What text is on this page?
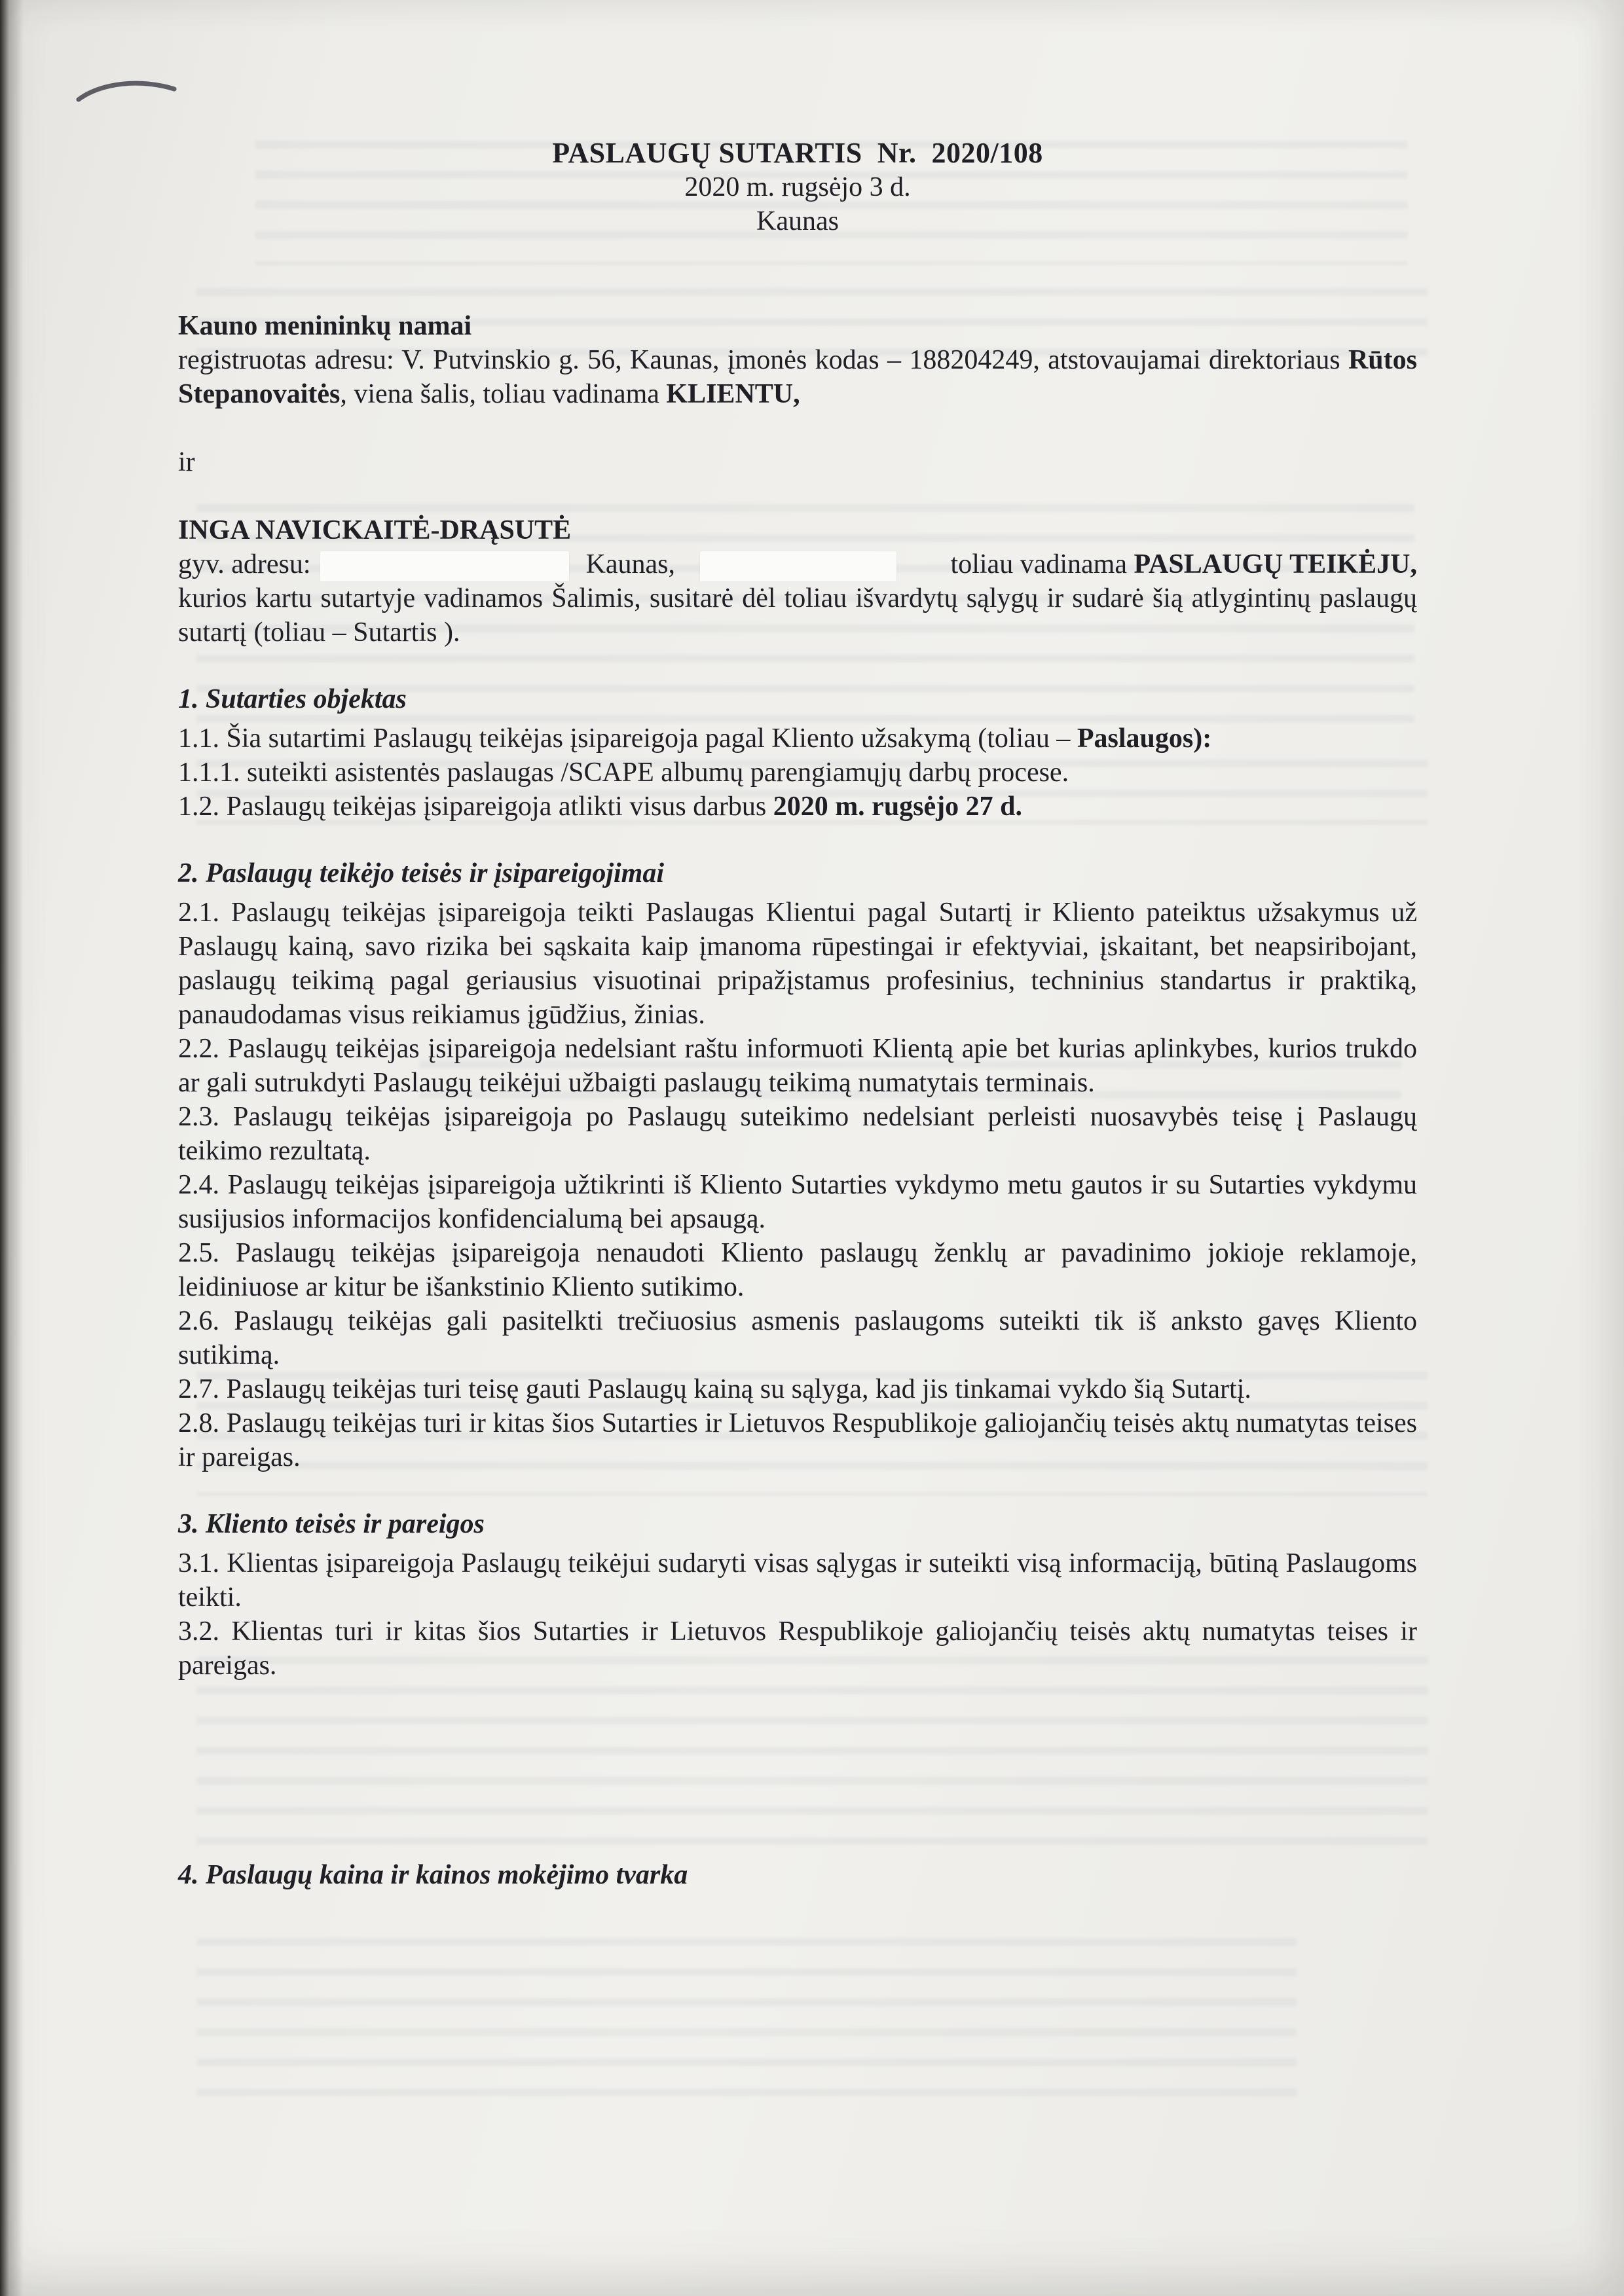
PASLAUGŲ SUTARTIS  Nr.  2020/108

2020 m. rugsėjo 3 d.

Kaunas

Kauno menininkų namai

registruotas adresu: V. Putvinskio g. 56, Kaunas, įmonės kodas – 188204249, atstovaujamai direktoriaus Rūtos Stepanovaitės, viena šalis, toliau vadinama KLIENTU,

ir

INGA NAVICKAITĖ-DRĄSUTĖ

gyv. adresu:	Kaunas,	toliau vadinama PASLAUGŲ TEIKĖJU,

kurios kartu sutartyje vadinamos Šalimis, susitarė dėl toliau išvardytų sąlygų ir sudarė šią atlygintinų paslaugų sutartį (toliau – Sutartis ).

1. Sutarties objektas

1.1. Šia sutartimi Paslaugų teikėjas įsipareigoja pagal Kliento užsakymą (toliau – Paslaugos):

1.1.1. suteikti asistentės paslaugas /SCAPE albumų parengiamųjų darbų procese.

1.2. Paslaugų teikėjas įsipareigoja atlikti visus darbus 2020 m. rugsėjo 27 d.

2. Paslaugų teikėjo teisės ir įsipareigojimai

2.1. Paslaugų teikėjas įsipareigoja teikti Paslaugas Klientui pagal Sutartį ir Kliento pateiktus užsakymus už Paslaugų kainą, savo rizika bei sąskaita kaip įmanoma rūpestingai ir efektyviai, įskaitant, bet neapsiribojant, paslaugų teikimą pagal geriausius visuotinai pripažįstamus profesinius, techninius standartus ir praktiką, panaudodamas visus reikiamus įgūdžius, žinias.

2.2. Paslaugų teikėjas įsipareigoja nedelsiant raštu informuoti Klientą apie bet kurias aplinkybes, kurios trukdo ar gali sutrukdyti Paslaugų teikėjui užbaigti paslaugų teikimą numatytais terminais.

2.3. Paslaugų teikėjas įsipareigoja po Paslaugų suteikimo nedelsiant perleisti nuosavybės teisę į Paslaugų teikimo rezultatą.

2.4. Paslaugų teikėjas įsipareigoja užtikrinti iš Kliento Sutarties vykdymo metu gautos ir su Sutarties vykdymu susijusios informacijos konfidencialumą bei apsaugą.

2.5. Paslaugų teikėjas įsipareigoja nenaudoti Kliento paslaugų ženklų ar pavadinimo jokioje reklamoje, leidiniuose ar kitur be išankstinio Kliento sutikimo.

2.6. Paslaugų teikėjas gali pasitelkti trečiuosius asmenis paslaugoms suteikti tik iš anksto gavęs Kliento sutikimą.

2.7. Paslaugų teikėjas turi teisę gauti Paslaugų kainą su sąlyga, kad jis tinkamai vykdo šią Sutartį.

2.8. Paslaugų teikėjas turi ir kitas šios Sutarties ir Lietuvos Respublikoje galiojančių teisės aktų numatytas teises ir pareigas.

3. Kliento teisės ir pareigos

3.1. Klientas įsipareigoja Paslaugų teikėjui sudaryti visas sąlygas ir suteikti visą informaciją, būtiną Paslaugoms teikti.

3.2. Klientas turi ir kitas šios Sutarties ir Lietuvos Respublikoje galiojančių teisės aktų numatytas teises ir pareigas.

4. Paslaugų kaina ir kainos mokėjimo tvarka
